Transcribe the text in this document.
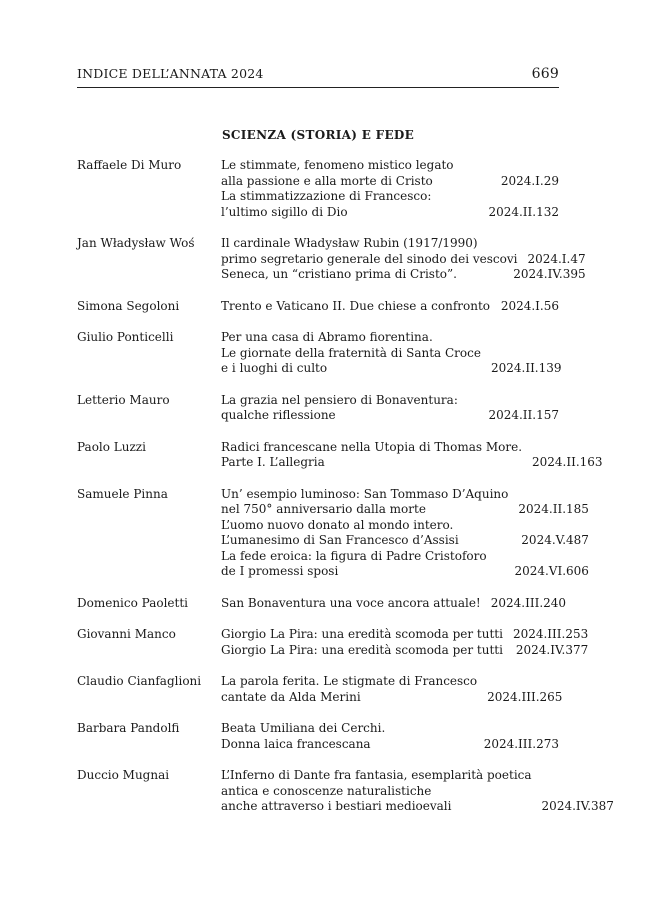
INDICE DELL’ANNATA 2024	669
SCIENZA (STORIA) E FEDE
Raffaele Di Muro	Le stimmate, fenomeno mistico legato
alla passione e alla morte di Cristo	2024.I.29
La stimmatizzazione di Francesco:
l’ultimo sigillo di Dio	2024.II.132
Jan Władysław Woś	Il cardinale Władysław Rubin (1917/1990)
primo segretario generale del sinodo dei vescovi 2024.I.47
Seneca, un “cristiano prima di Cristo”.	2024.IV.395
Simona Segoloni	Trento e Vaticano II. Due chiese a confronto 2024.I.56
Giulio Ponticelli	Per una casa di Abramo fiorentina.
Le giornate della fraternità di Santa Croce
e i luoghi di culto	2024.II.139
Letterio Mauro	La grazia nel pensiero di Bonaventura:
qualche riflessione	2024.II.157
Paolo Luzzi	Radici francescane nella Utopia di Thomas More.
Parte I. L’allegria	2024.II.163
Samuele Pinna	Un’ esempio luminoso: San Tommaso D’Aquino
nel 750° anniversario dalla morte	2024.II.185
L’uomo nuovo donato al mondo intero.
L’umanesimo di San Francesco d’Assisi	2024.V.487
La fede eroica: la figura di Padre Cristoforo
de I promessi sposi	2024.VI.606
Domenico Paoletti	San Bonaventura una voce ancora attuale! 2024.III.240
Giovanni Manco	Giorgio La Pira: una eredità scomoda per tutti 2024.III.253
Giorgio La Pira: una eredità scomoda per tutti	2024.IV.377
Claudio Cianfaglioni	La parola ferita. Le stigmate di Francesco
cantate da Alda Merini	2024.III.265
Barbara Pandolfi	Beata Umiliana dei Cerchi.
Donna laica francescana	2024.III.273
Duccio Mugnai	L’Inferno di Dante fra fantasia, esemplarità poetica
antica e conoscenze naturalistiche
anche attraverso i bestiari medioevali	2024.IV.387
